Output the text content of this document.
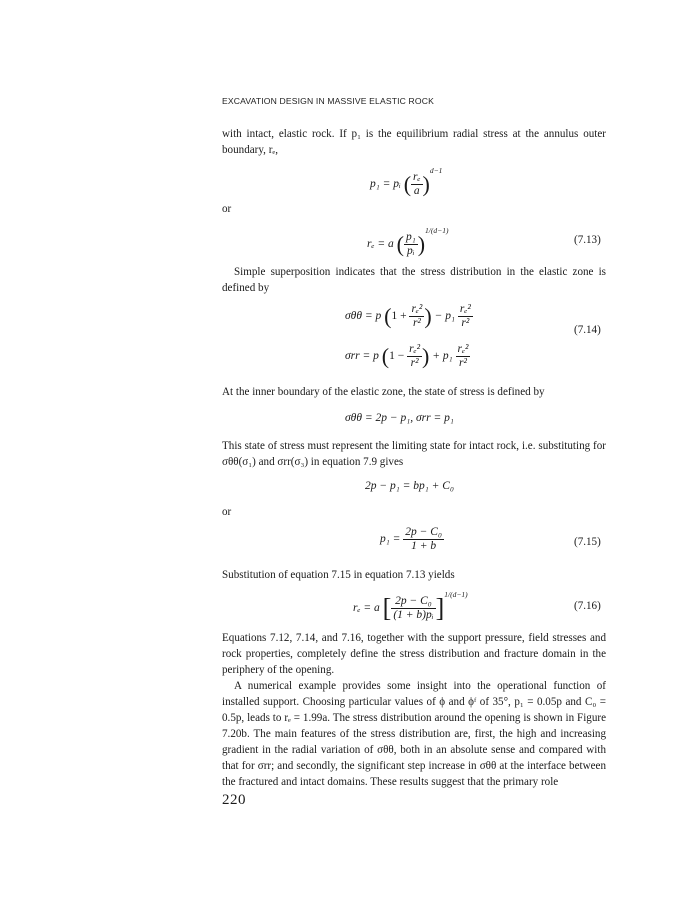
EXCAVATION DESIGN IN MASSIVE ELASTIC ROCK
with intact, elastic rock. If p₁ is the equilibrium radial stress at the annulus outer boundary, rₑ,
p₁ = pᵢ ( $\frac{\text{rₑ}}{a} )^{d-1}$
or
rₑ = a ( $\frac{\text{p₁}}{\text{pᵢ}} )^{1/(d-1)}$
(7.13)
Simple superposition indicates that the stress distribution in the elastic zone is defined by
σθθ = p ($1 + \frac{\text{rₑ²}}{\text{r²}}$ ) − $p_1 \frac{\text{rₑ²}}{\text{r²}}$	(7.14)
σrr = p ($1 - \frac{\text{rₑ²}}{\text{r²}}$ ) + $p_1 \frac{\text{rₑ²}}{\text{r²}}$
At the inner boundary of the elastic zone, the state of stress is defined by
σθθ = 2p − p₁, σrr = p₁
This state of stress must represent the limiting state for intact rock, i.e. substituting for σθθ(σ₁) and σrr(σ₃) in equation 7.9 gives
2p − p₁ = bp₁ + C₀
or
$p_1 = \frac{\text{2p − C₀}}{1 + b}$	(7.15)
Substitution of equation 7.15 in equation 7.13 yields
rₑ = a [ $\frac{\text{2p − C₀}}{\text{(1 + b)pᵢ}} ]^{1/(d-1)}$
(7.16)
Equations 7.12, 7.14, and 7.16, together with the support pressure, field stresses and rock properties, completely define the stress distribution and fracture domain in the periphery of the opening.
A numerical example provides some insight into the operational function of installed support. Choosing particular values of ϕ and ϕᶠ of 35°, p₁ = 0.05p and C₀ = 0.5p, leads to rₑ = 1.99a. The stress distribution around the opening is shown in Figure 7.20b. The main features of the stress distribution are, first, the high and increasing gradient in the radial variation of σθθ, both in an absolute sense and compared with that for σrr; and secondly, the significant step increase in σθθ at the interface between the fractured and intact domains. These results suggest that the primary role
220
